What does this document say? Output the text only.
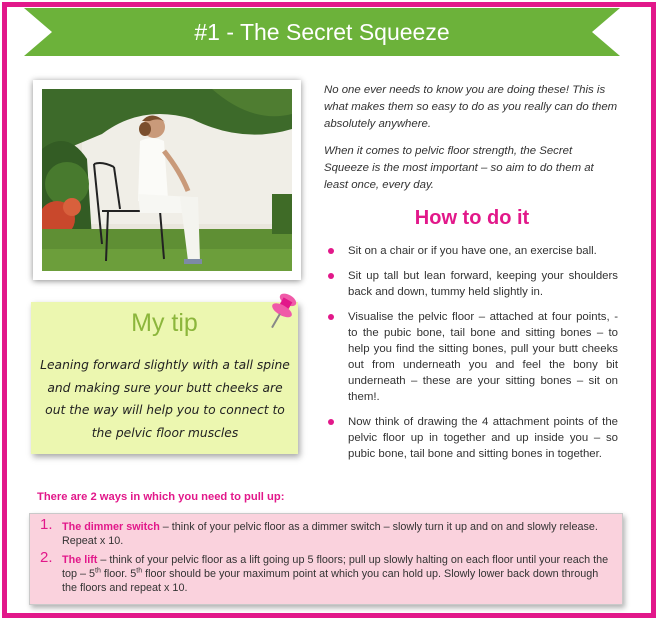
#1 - The Secret Squeeze

No one ever needs to know you are doing these! This is what makes them so easy to do as you really can do them absolutely anywhere.

When it comes to pelvic floor strength, the Secret Squeeze is the most important – so aim to do them at least once, every day.

How to do it
Sit on a chair or if you have one, an exercise ball.
Sit up tall but lean forward, keeping your shoulders back and down, tummy held slightly in.
Visualise the pelvic floor – attached at four points, - to the pubic bone, tail bone and sitting bones – to help you find the sitting bones, pull your butt cheeks out from underneath you and feel the bony bit underneath – these are your sitting bones – sit on them!.
Now think of drawing the 4 attachment points of the pelvic floor up in together and up inside you – so pubic bone, tail bone and sitting bones in together.
My tip
Leaning forward slightly with a tall spine and making sure your butt cheeks are out the way will help you to connect to the pelvic floor muscles
There are 2 ways in which you need to pull up:
1. The dimmer switch – think of your pelvic floor as a dimmer switch – slowly turn it up and on and slowly release. Repeat x 10.
2. The lift – think of your pelvic floor as a lift going up 5 floors; pull up slowly halting on each floor until your reach the top – 5th floor. 5th floor should be your maximum point at which you can hold up. Slowly lower back down through the floors and repeat x 10.
